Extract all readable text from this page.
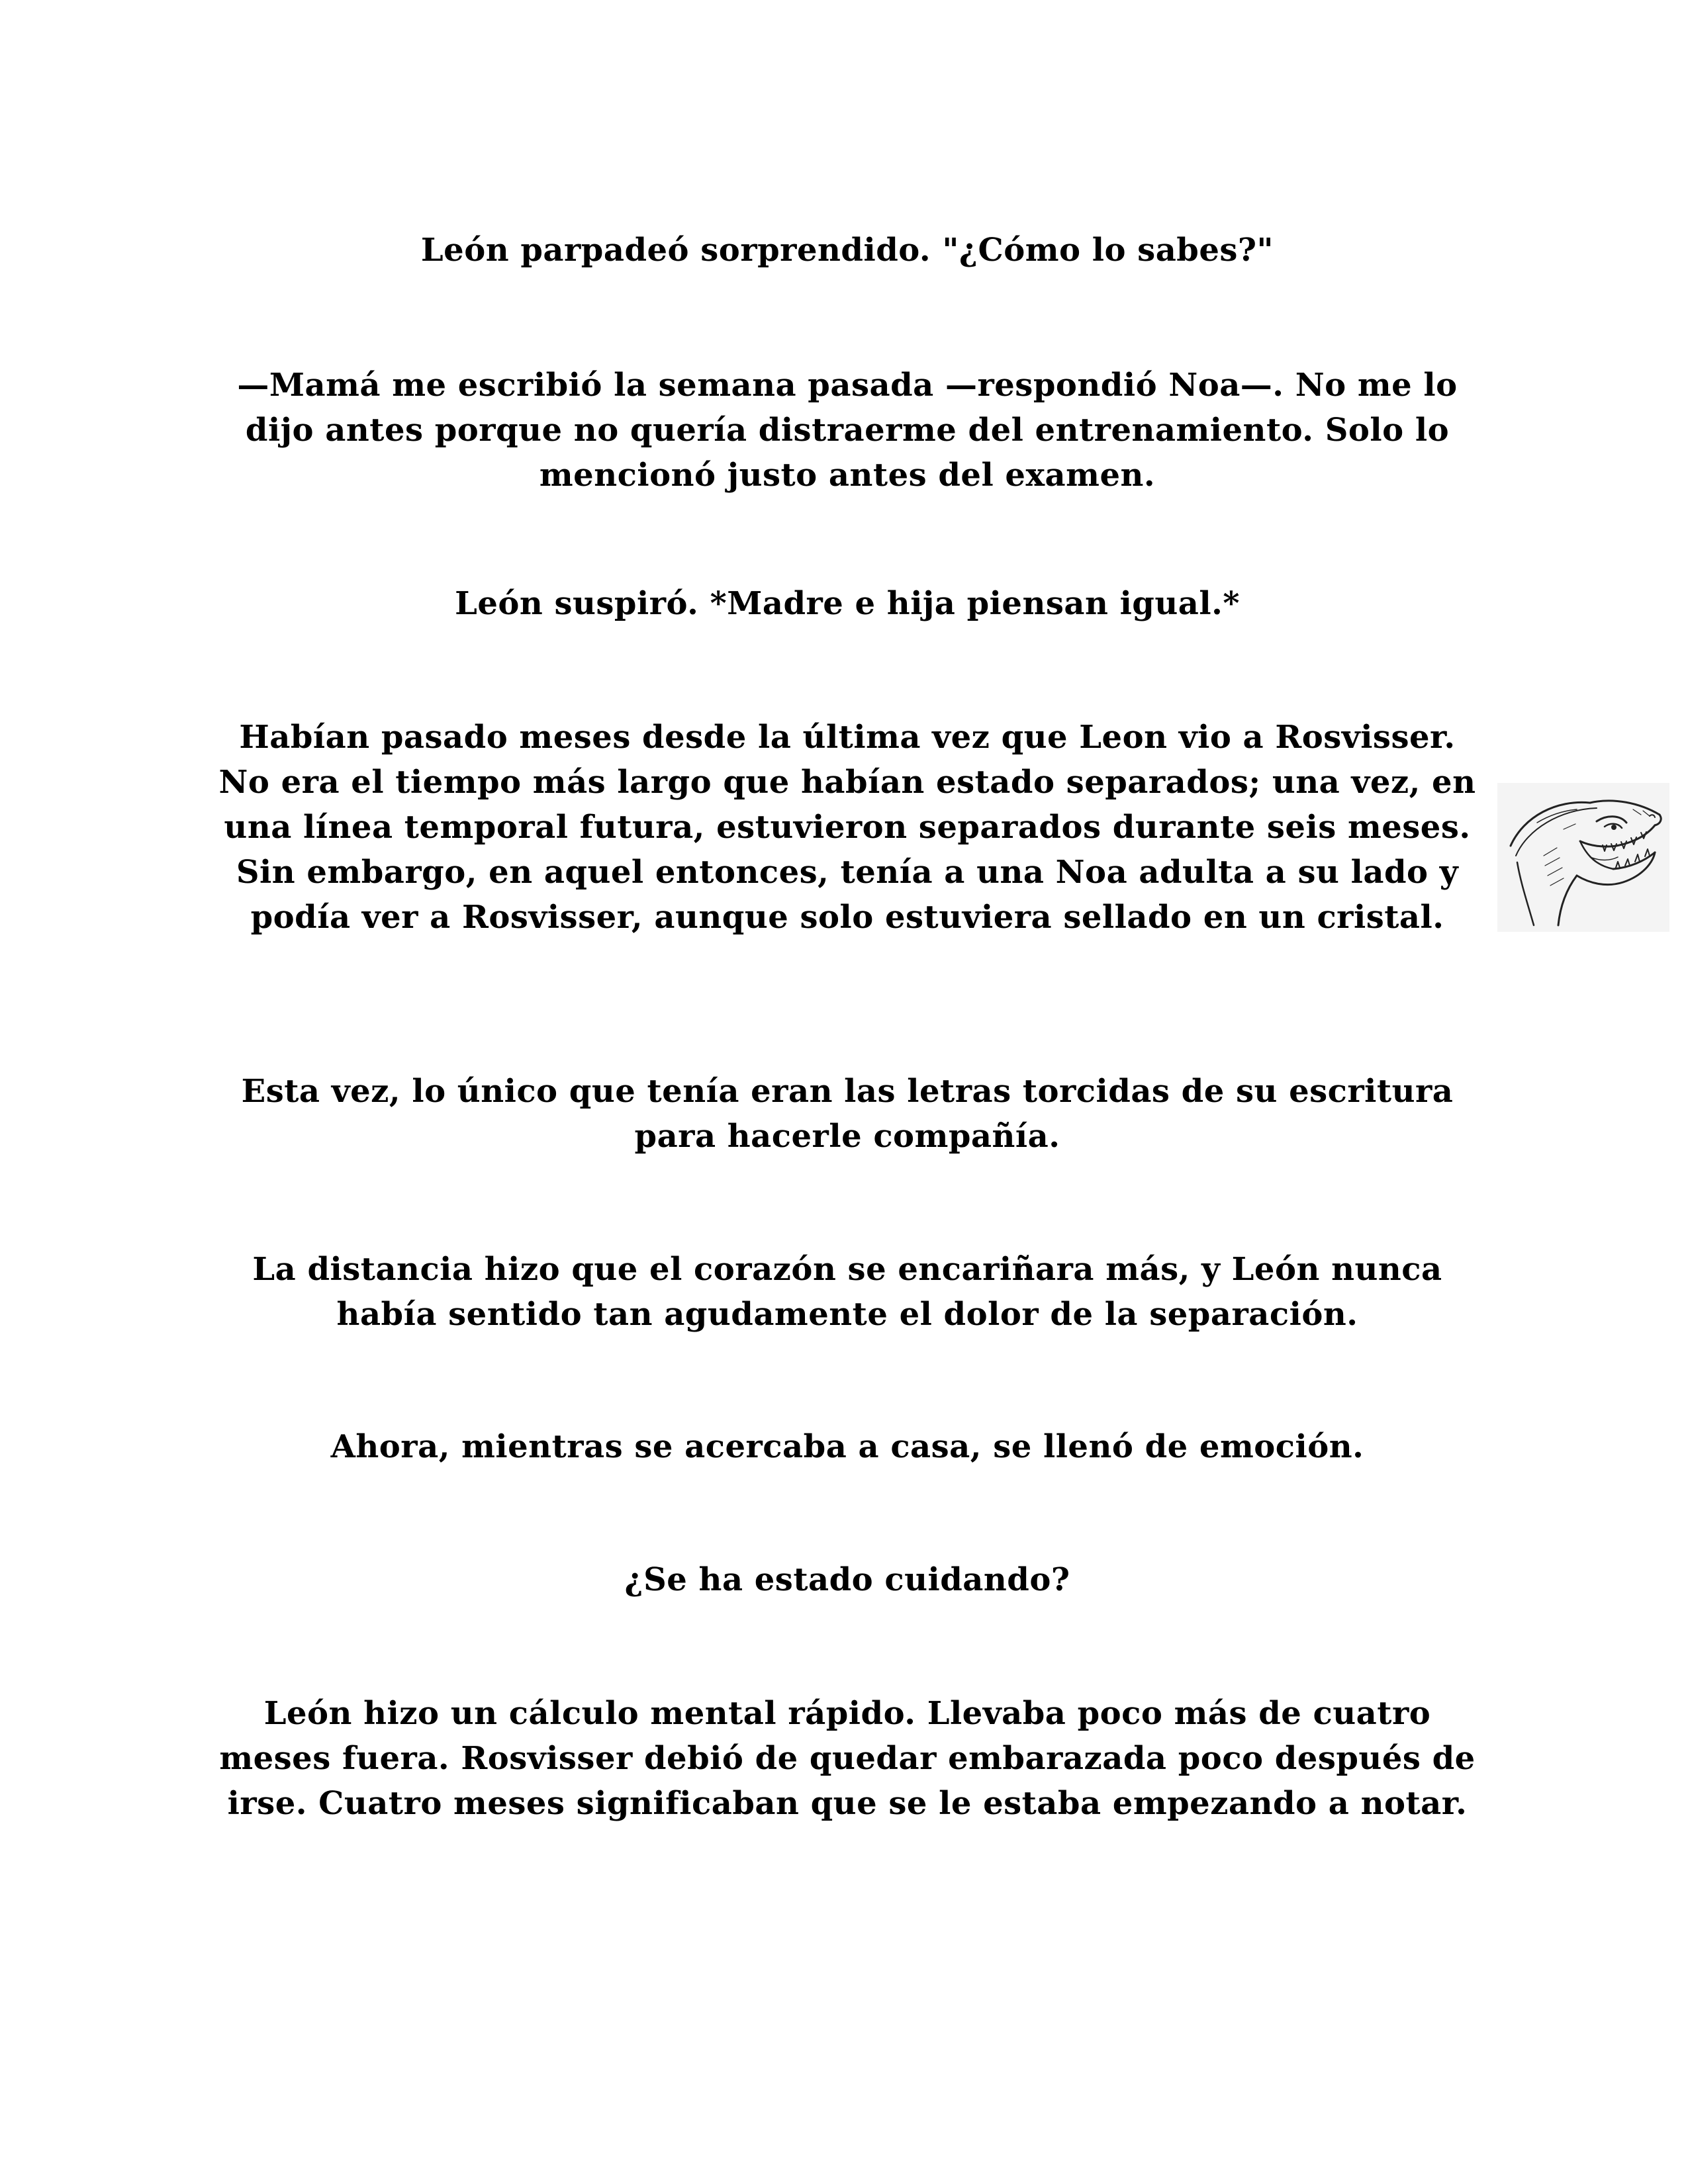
León parpadeó sorprendido. "¿Cómo lo sabes?"

—Mamá me escribió la semana pasada —respondió Noa—. No me lo dijo antes porque no quería distraerme del entrenamiento. Solo lo mencionó justo antes del examen.

León suspiró. *Madre e hija piensan igual.*

Habían pasado meses desde la última vez que Leon vio a Rosvisser. No era el tiempo más largo que habían estado separados; una vez, en una línea temporal futura, estuvieron separados durante seis meses. Sin embargo, en aquel entonces, tenía a una Noa adulta a su lado y podía ver a Rosvisser, aunque solo estuviera sellado en un cristal.

Esta vez, lo único que tenía eran las letras torcidas de su escritura para hacerle compañía.

La distancia hizo que el corazón se encariñara más, y León nunca había sentido tan agudamente el dolor de la separación.

Ahora, mientras se acercaba a casa, se llenó de emoción.

¿Se ha estado cuidando?

León hizo un cálculo mental rápido. Llevaba poco más de cuatro meses fuera. Rosvisser debió de quedar embarazada poco después de irse. Cuatro meses significaban que se le estaba empezando a notar.
